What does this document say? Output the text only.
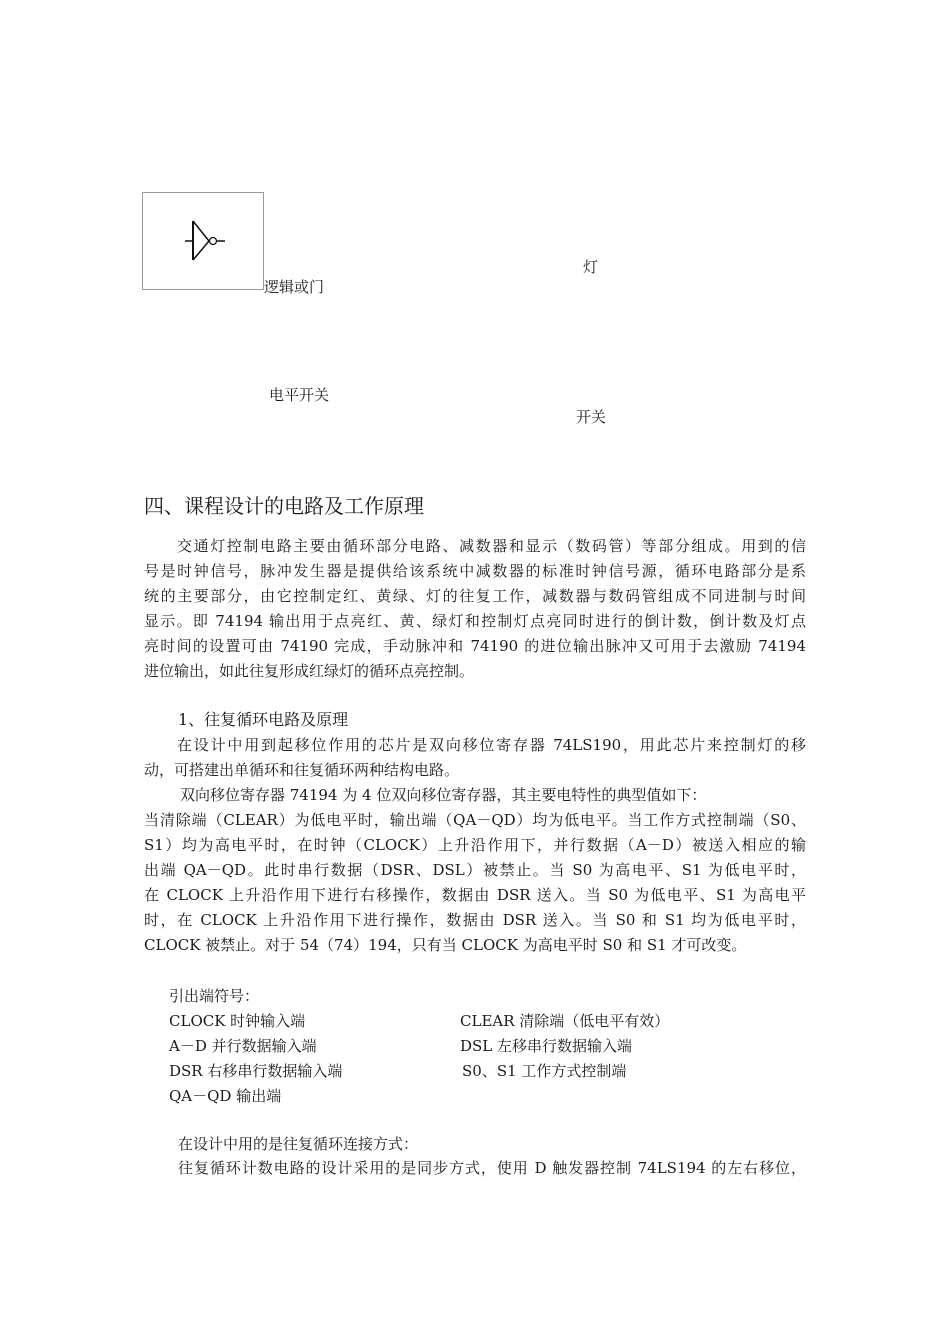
逻辑或门
灯
电平开关
开关
四、课程设计的电路及工作原理
交通灯控制电路主要由循环部分电路、减数器和显示（数码管）等部分组成。用到的信
号是时钟信号，脉冲发生器是提供给该系统中减数器的标准时钟信号源，循环电路部分是系
统的主要部分，由它控制定红、黄绿、灯的往复工作，减数器与数码管组成不同进制与时间
显示。即 74194 输出用于点亮红、黄、绿灯和控制灯点亮同时进行的倒计数，倒计数及灯点
亮时间的设置可由 74190 完成，手动脉冲和 74190 的进位输出脉冲又可用于去激励 74194
进位输出，如此往复形成红绿灯的循环点亮控制。
1、往复循环电路及原理
在设计中用到起移位作用的芯片是双向移位寄存器 74LS190，用此芯片来控制灯的移
动，可搭建出单循环和往复循环两种结构电路。
双向移位寄存器 74194 为 4 位双向移位寄存器，其主要电特性的典型值如下：
当清除端（CLEAR）为低电平时，输出端（QA－QD）均为低电平。当工作方式控制端（S0、
S1）均为高电平时，在时钟（CLOCK）上升沿作用下，并行数据（A－D）被送入相应的输
出端 QA－QD。此时串行数据（DSR、DSL）被禁止。当 S0 为高电平、S1 为低电平时，
在 CLOCK 上升沿作用下进行右移操作，数据由 DSR 送入。当 S0 为低电平、S1 为高电平
时，在 CLOCK 上升沿作用下进行操作，数据由 DSR 送入。当 S0 和 S1 均为低电平时，
CLOCK 被禁止。对于 54（74）194，只有当 CLOCK 为高电平时 S0 和 S1 才可改变。
引出端符号：
CLOCK 时钟输入端	CLEAR 清除端（低电平有效）
A－D 并行数据输入端	DSL 左移串行数据输入端
DSR 右移串行数据输入端	S0、S1 工作方式控制端
QA－QD 输出端
在设计中用的是往复循环连接方式：
往复循环计数电路的设计采用的是同步方式，使用 D 触发器控制 74LS194 的左右移位，
